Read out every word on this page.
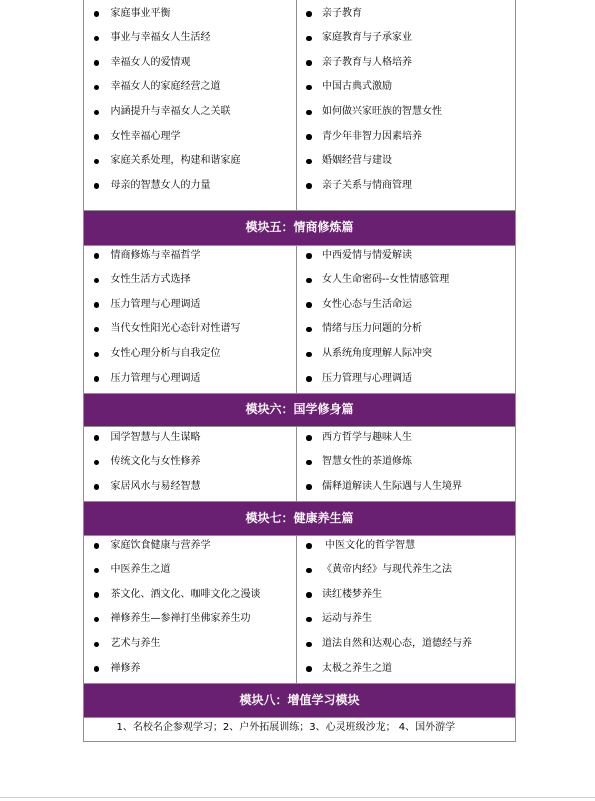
家庭事业平衡
事业与幸福女人生活经
幸福女人的爱情观
幸福女人的家庭经营之道
内涵提升与幸福女人之关联
女性幸福心理学
家庭关系处理，构建和谐家庭
母亲的智慧女人的力量
亲子教育
家庭教育与子承家业
亲子教育与人格培养
中国古典式激励
如何做兴家旺族的智慧女性
青少年非智力因素培养
婚姻经营与建设
亲子关系与情商管理
模块五：情商修炼篇
情商修炼与幸福哲学
女性生活方式选择
压力管理与心理调适
当代女性阳光心态针对性谱写
女性心理分析与自我定位
压力管理与心理调适
中西爱情与情爱解读
女人生命密码--女性情感管理
女性心态与生活命运
情绪与压力问题的分析
从系统角度理解人际冲突
压力管理与心理调适
模块六：国学修身篇
国学智慧与人生谋略
传统文化与女性修养
家居风水与易经智慧
西方哲学与趣味人生
智慧女性的茶道修炼
儒释道解读人生际遇与人生境界
模块七：健康养生篇
家庭饮食健康与营养学
中医养生之道
茶文化、酒文化、咖啡文化之漫谈
禅修养生—参禅打坐佛家养生功
艺术与养生
禅修养
中医文化的哲学智慧
《黄帝内经》与现代养生之法
读红楼梦养生
运动与养生
道法自然和达观心态，道德经与养
太极之养生之道
模块八：增值学习模块
1、名校名企参观学习；2、户外拓展训练；3、心灵班级沙龙； 4、国外游学
